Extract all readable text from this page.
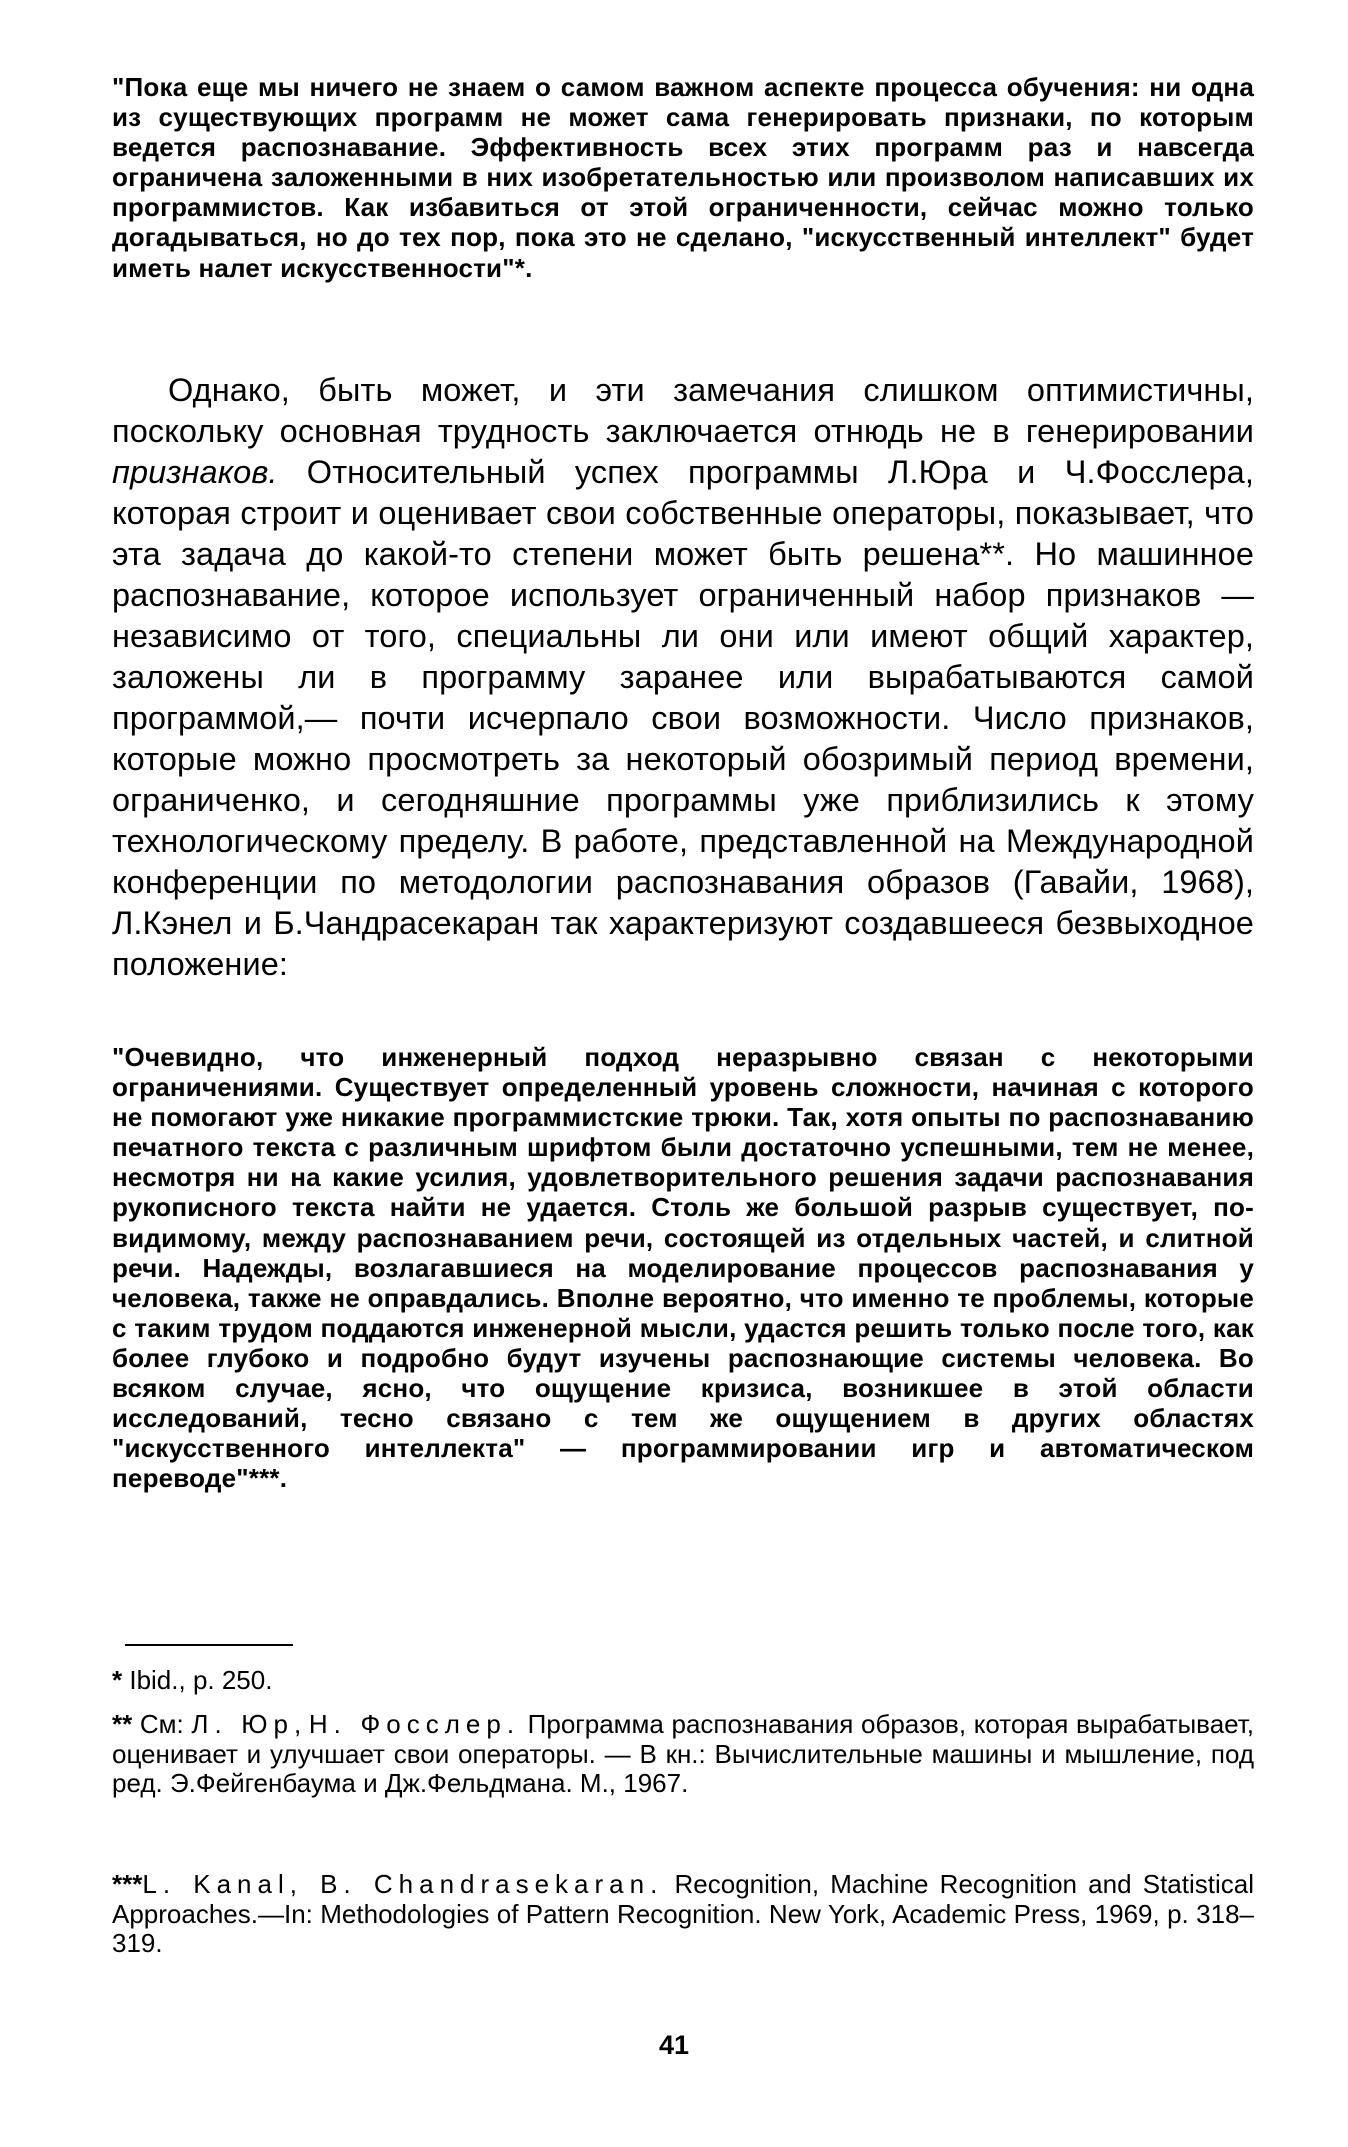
"Пока еще мы ничего не знаем о самом важном аспекте процесса обучения: ни одна из существующих программ не может сама генерировать признаки, по которым ведется распознавание. Эффективность всех этих программ раз и навсегда ограничена заложенными в них изобретательностью или произволом написавших их программистов. Как избавиться от этой ограниченности, сейчас можно только догадываться, но до тех пор, пока это не сделано, "искусственный интеллект" будет иметь налет искусственности"*.

Однако, быть может, и эти замечания слишком оптимистичны, поскольку основная трудность заключается отнюдь не в генерировании признаков. Относительный успех программы Л.Юра и Ч.Фосслера, которая строит и оценивает свои собственные операторы, показывает, что эта задача до какой-то степени может быть решена**. Но машинное распознавание, которое использует ограниченный набор признаков — независимо от того, специальны ли они или имеют общий характер, заложены ли в программу заранее или вырабатываются самой программой,— почти исчерпало свои возможности. Число признаков, которые можно просмотреть за некоторый обозримый период времени, ограниченко, и сегодняшние программы уже приблизились к этому технологическому пределу. В работе, представленной на Международной конференции по методологии распознавания образов (Гавайи, 1968), Л.Кэнел и Б.Чандрасекаран так характеризуют создавшееся безвыходное положение:

"Очевидно, что инженерный подход неразрывно связан с некоторыми ограничениями. Существует определенный уровень сложности, начиная с которого не помогают уже никакие программистские трюки. Так, хотя опыты по распознаванию печатного текста с различным шрифтом были достаточно успешными, тем не менее, несмотря ни на какие усилия, удовлетворительного решения задачи распознавания рукописного текста найти не удается. Столь же большой разрыв существует, по-видимому, между распознаванием речи, состоящей из отдельных частей, и слитной речи. Надежды, возлагавшиеся на моделирование процессов распознавания у человека, также не оправдались. Вполне вероятно, что именно те проблемы, которые с таким трудом поддаются инженерной мысли, удастся решить только после того, как более глубоко и подробно будут изучены распознающие системы человека. Во всяком случае, ясно, что ощущение кризиса, возникшее в этой области исследований, тесно связано с тем же ощущением в других областях "искусственного интеллекта" — программировании игр и автоматическом переводе"***.
* Ibid., p. 250.
** См: Л. Юр, Н. Фосслер. Программа распознавания образов, которая вырабатывает, оценивает и улучшает свои операторы. — В кн.: Вычислительные машины и мышление, под ред. Э.Фейгенбаума и Дж.Фельдмана. М., 1967.
***L. Kanal, B. Chandrasekaran. Recognition, Machine Recognition and Statistical Approaches.—In: Methodologies of Pattern Recognition. New York, Academic Press, 1969, p. 318–319.
41
